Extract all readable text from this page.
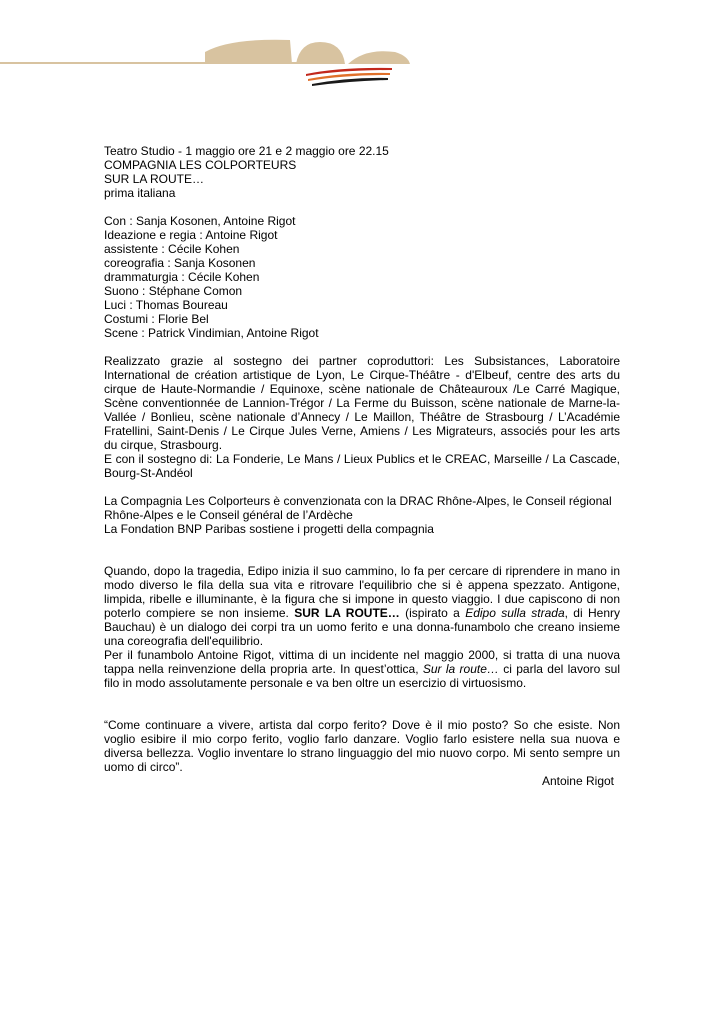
Teatro Studio - 1 maggio ore 21 e 2 maggio ore 22.15

COMPAGNIA LES COLPORTEURS

SUR LA ROUTE…

prima italiana

Con : Sanja Kosonen, Antoine Rigot

Ideazione e regia : Antoine Rigot

assistente : Cécile Kohen

coreografia : Sanja Kosonen

drammaturgia : Cécile Kohen

Suono : Stéphane Comon

Luci : Thomas Boureau

Costumi : Florie Bel

Scene : Patrick Vindimian, Antoine Rigot

Realizzato grazie al sostegno dei partner coproduttori: Les Subsistances, Laboratoire International de création artistique de Lyon, Le Cirque-Théâtre - d'Elbeuf, centre des arts du cirque de Haute-Normandie / Equinoxe, scène nationale de Châteauroux /Le Carré Magique, Scène conventionnée de Lannion-Trégor / La Ferme du Buisson, scène nationale de Marne-la-Vallée / Bonlieu, scène nationale d’Annecy / Le Maillon, Théâtre de Strasbourg / L’Académie Fratellini, Saint-Denis / Le Cirque Jules Verne, Amiens / Les Migrateurs, associés pour les arts du cirque, Strasbourg.

E con il sostegno di: La Fonderie, Le Mans / Lieux Publics et le CREAC, Marseille / La Cascade, Bourg-St-Andéol

La Compagnia Les Colporteurs è convenzionata con la DRAC Rhône-Alpes, le Conseil régional Rhône-Alpes e le Conseil général de l’Ardèche

La Fondation BNP Paribas sostiene i progetti della compagnia

Quando, dopo la tragedia, Edipo inizia il suo cammino, lo fa per cercare di riprendere in mano in modo diverso le fila della sua vita e ritrovare l'equilibrio che si è appena spezzato. Antigone, limpida, ribelle e illuminante, è la figura che si impone in questo viaggio. I due capiscono di non poterlo compiere se non insieme. SUR LA ROUTE… (ispirato a Edipo sulla strada, di Henry Bauchau) è un dialogo dei corpi tra un uomo ferito e una donna-funambolo che creano insieme una coreografia dell'equilibrio.

Per il funambolo Antoine Rigot, vittima di un incidente nel maggio 2000, si tratta di una nuova tappa nella reinvenzione della propria arte. In quest’ottica, Sur la route… ci parla del lavoro sul filo in modo assolutamente personale e va ben oltre un esercizio di virtuosismo.

“Come continuare a vivere, artista dal corpo ferito? Dove è il mio posto? So che esiste. Non voglio esibire il mio corpo ferito, voglio farlo danzare. Voglio farlo esistere nella sua nuova e diversa bellezza. Voglio inventare lo strano linguaggio del mio nuovo corpo. Mi sento sempre un uomo di circo”.

Antoine Rigot
